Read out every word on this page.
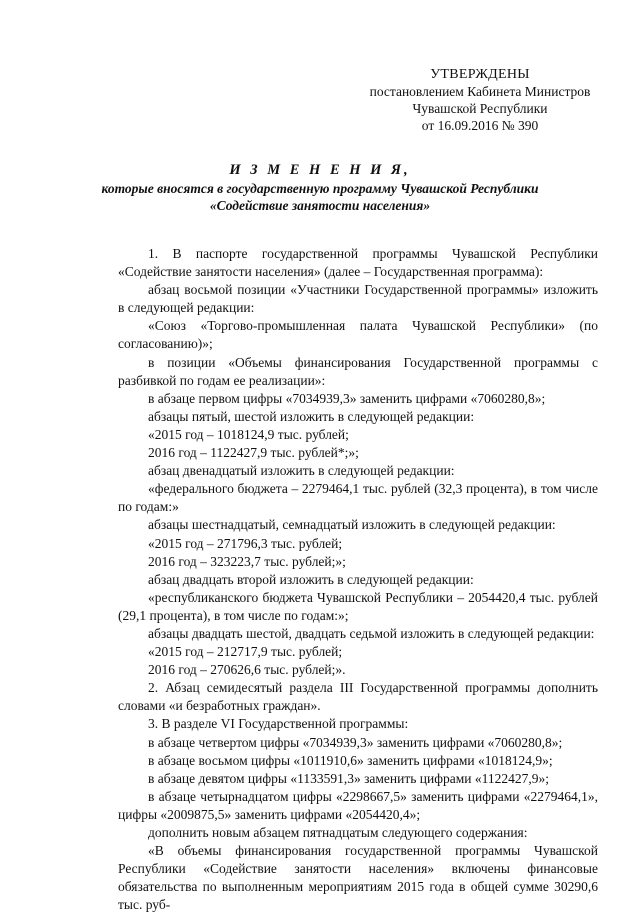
УТВЕРЖДЕНЫ
постановлением Кабинета Министров
Чувашской Республики
от 16.09.2016 № 390
И З М Е Н Е Н И Я,
которые вносятся в государственную программу Чувашской Республики
«Содействие занятости населения»

1. В паспорте государственной программы Чувашской Республики «Содействие занятости населения» (далее – Государственная программа):

абзац восьмой позиции «Участники Государственной программы» изложить в следующей редакции:

«Союз «Торгово-промышленная палата Чувашской Республики» (по согласованию)»;

в позиции «Объемы финансирования Государственной программы с разбивкой по годам ее реализации»:

в абзаце первом цифры «7034939,3» заменить цифрами «7060280,8»;

абзацы пятый, шестой изложить в следующей редакции:

«2015 год – 1018124,9 тыс. рублей;

2016 год – 1122427,9 тыс. рублей*;»;

абзац двенадцатый изложить в следующей редакции:

«федерального бюджета – 2279464,1 тыс. рублей (32,3 процента), в том числе по годам:»

абзацы шестнадцатый, семнадцатый изложить в следующей редакции:

«2015 год – 271796,3 тыс. рублей;

2016 год – 323223,7 тыс. рублей;»;

абзац двадцать второй изложить в следующей редакции:

«республиканского бюджета Чувашской Республики – 2054420,4 тыс. рублей (29,1 процента), в том числе по годам:»;

абзацы двадцать шестой, двадцать седьмой изложить в следующей редакции:

«2015 год – 212717,9 тыс. рублей;

2016 год – 270626,6 тыс. рублей;».

2. Абзац семидесятый раздела III Государственной программы дополнить словами «и безработных граждан».

3. В разделе VI Государственной программы:

в абзаце четвертом цифры «7034939,3» заменить цифрами «7060280,8»;

в абзаце восьмом цифры «1011910,6» заменить цифрами «1018124,9»;

в абзаце девятом цифры «1133591,3» заменить цифрами «1122427,9»;

в абзаце четырнадцатом цифры «2298667,5» заменить цифрами «2279464,1», цифры «2009875,5» заменить цифрами «2054420,4»;

дополнить новым абзацем пятнадцатым следующего содержания:

«В объемы финансирования государственной программы Чувашской Республики «Содействие занятости населения» включены финансовые обязательства по выполненным мероприятиям 2015 года в общей сумме 30290,6 тыс. руб-
